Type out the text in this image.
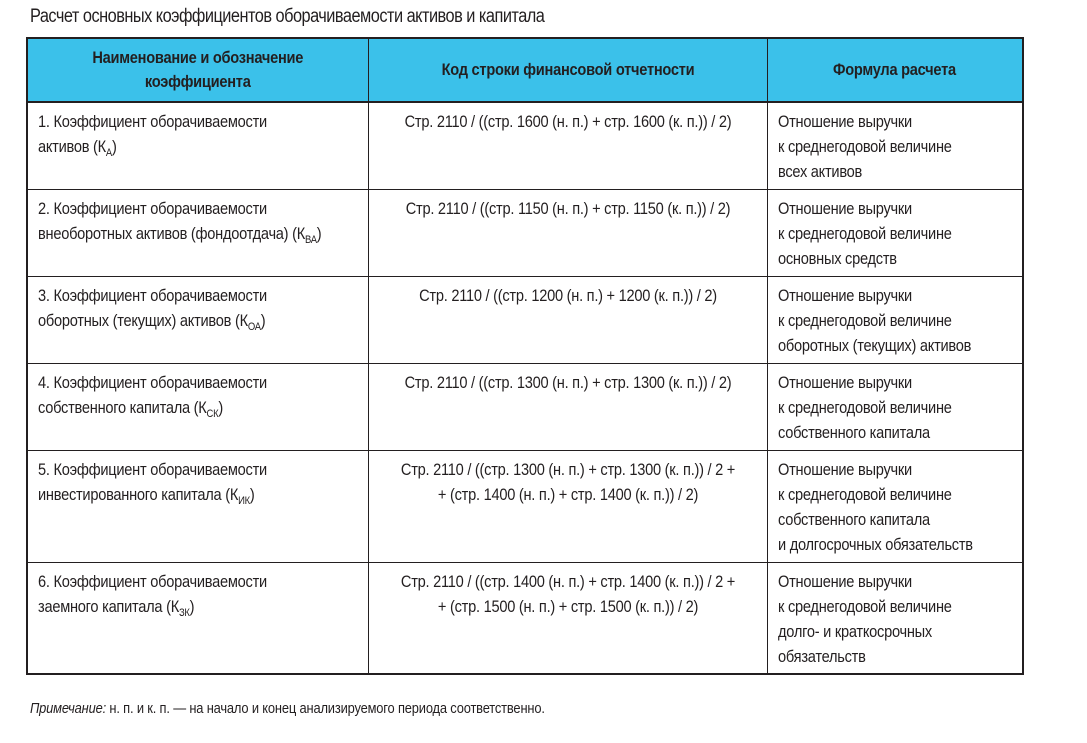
Расчет основных коэффициентов оборачиваемости активов и капитала
Наименование и обозначение
коэффициента	Код строки финансовой отчетности	Формула расчета

1. Коэффициент оборачиваемости
активов $(К_А)$	Стр. 2110 / ((стр. 1600 (н. п.) + стр. 1600 (к. п.)) / 2)	Отношение выручки
к среднегодовой величине
всех активов

2. Коэффициент оборачиваемости
внеоборотных активов (фондоотдача) $(К_{ВА})$	Стр. 2110 / ((стр. 1150 (н. п.) + стр. 1150 (к. п.)) / 2)	Отношение выручки
к среднегодовой величине
основных средств

3. Коэффициент оборачиваемости
оборотных (текущих) активов $(К_{ОА})$	Стр. 2110 / ((стр. 1200 (н. п.) + 1200 (к. п.)) / 2)	Отношение выручки
к среднегодовой величине
оборотных (текущих) активов

4. Коэффициент оборачиваемости
собственного капитала $(К_{СК})$	Стр. 2110 / ((стр. 1300 (н. п.) + стр. 1300 (к. п.)) / 2)	Отношение выручки
к среднегодовой величине
собственного капитала

5. Коэффициент оборачиваемости
инвестированного капитала $(К_{ИК})$	Стр. 2110 / ((стр. 1300 (н. п.) + стр. 1300 (к. п.)) / 2 +
+ (стр. 1400 (н. п.) + стр. 1400 (к. п.)) / 2)	Отношение выручки
к среднегодовой величине
собственного капитала
и долгосрочных обязательств

6. Коэффициент оборачиваемости
заемного капитала $(К_{ЗК})$	Стр. 2110 / ((стр. 1400 (н. п.) + стр. 1400 (к. п.)) / 2 +
+ (стр. 1500 (н. п.) + стр. 1500 (к. п.)) / 2)	Отношение выручки
к среднегодовой величине
долго- и краткосрочных
обязательств
Примечание: н. п. и к. п. — на начало и конец анализируемого периода соответственно.
